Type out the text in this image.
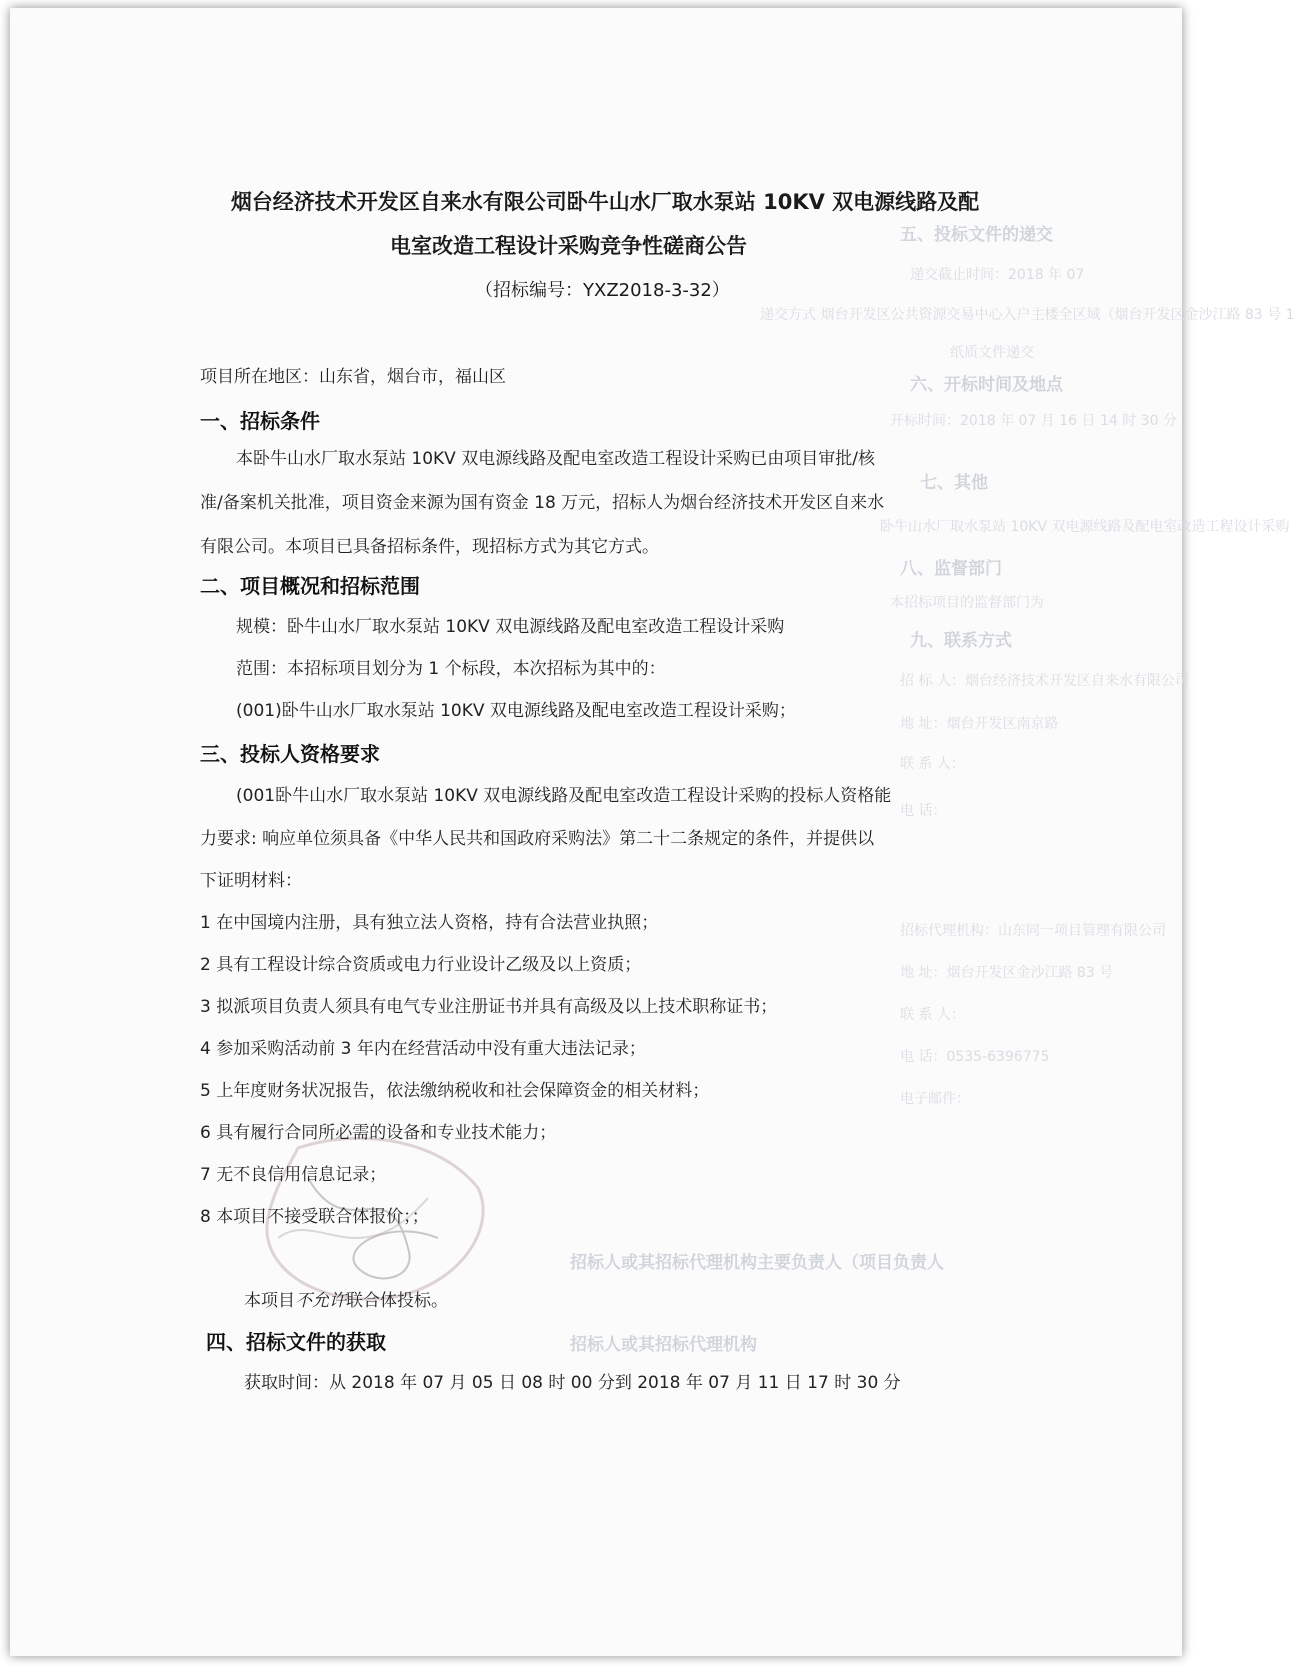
五、投标文件的递交
递交截止时间：2018 年 07
递交方式 烟台开发区公共资源交易中心入户主楼全区域（烟台开发区金沙江路 83 号 1
纸质文件递交
六、开标时间及地点
开标时间：2018 年 07 月 16 日 14 时 30 分
七、其他
卧牛山水厂取水泵站 10KV 双电源线路及配电室改造工程设计采购
八、监督部门
本招标项目的监督部门为
九、联系方式
招 标 人：烟台经济技术开发区自来水有限公司
地 址：烟台开发区南京路
联 系 人：
电 话：
招标代理机构：山东同一项目管理有限公司
地 址：烟台开发区金沙江路 83 号
联 系 人：
电 话：0535-6396775
电子邮件：
招标人或其招标代理机构主要负责人（项目负责人
招标人或其招标代理机构
烟台经济技术开发区自来水有限公司卧牛山水厂取水泵站 10KV 双电源线路及配
电室改造工程设计采购竞争性磋商公告
（招标编号：YXZ2018-3-32）
项目所在地区：山东省，烟台市，福山区
一、招标条件
本卧牛山水厂取水泵站 10KV 双电源线路及配电室改造工程设计采购已由项目审批/核
准/备案机关批准，项目资金来源为国有资金 18 万元，招标人为烟台经济技术开发区自来水
有限公司。本项目已具备招标条件，现招标方式为其它方式。
二、项目概况和招标范围
规模：卧牛山水厂取水泵站 10KV 双电源线路及配电室改造工程设计采购
范围：本招标项目划分为 1 个标段，本次招标为其中的：
(001)卧牛山水厂取水泵站 10KV 双电源线路及配电室改造工程设计采购；
三、投标人资格要求
(001卧牛山水厂取水泵站 10KV 双电源线路及配电室改造工程设计采购的投标人资格能
力要求: 响应单位须具备《中华人民共和国政府采购法》第二十二条规定的条件，并提供以
下证明材料：
1 在中国境内注册，具有独立法人资格，持有合法营业执照；
2 具有工程设计综合资质或电力行业设计乙级及以上资质；
3 拟派项目负责人须具有电气专业注册证书并具有高级及以上技术职称证书；
4 参加采购活动前 3 年内在经营活动中没有重大违法记录；
5 上年度财务状况报告，依法缴纳税收和社会保障资金的相关材料；
6 具有履行合同所必需的设备和专业技术能力；
7 无不良信用信息记录；
8 本项目不接受联合体报价；；
本项目不允许联合体投标。
四、招标文件的获取
获取时间：从 2018 年 07 月 05 日 08 时 00 分到 2018 年 07 月 11 日 17 时 30 分
